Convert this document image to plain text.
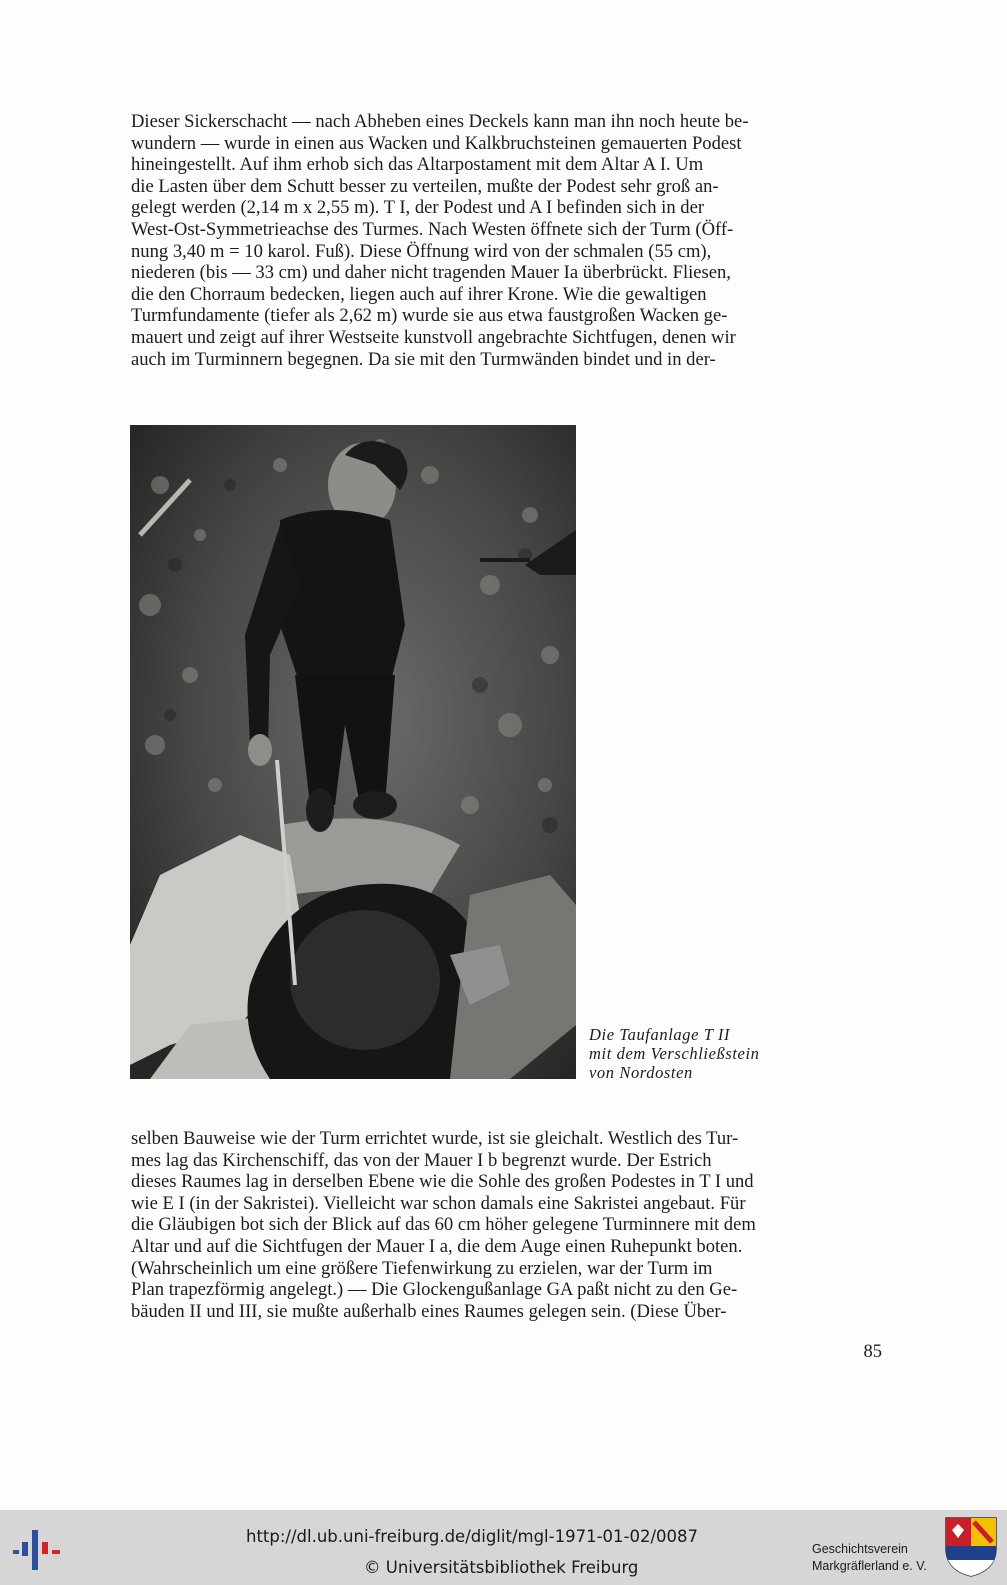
Dieser Sickerschacht — nach Abheben eines Deckels kann man ihn noch heute be-
wundern — wurde in einen aus Wacken und Kalkbruchsteinen gemauerten Podest
hineingestellt. Auf ihm erhob sich das Altarpostament mit dem Altar A I. Um
die Lasten über dem Schutt besser zu verteilen, mußte der Podest sehr groß an-
gelegt werden (2,14 m x 2,55 m). T I, der Podest und A I befinden sich in der
West-Ost-Symmetrieachse des Turmes. Nach Westen öffnete sich der Turm (Öff-
nung 3,40 m = 10 karol. Fuß). Diese Öffnung wird von der schmalen (55 cm),
niederen (bis — 33 cm) und daher nicht tragenden Mauer Ia überbrückt. Fliesen,
die den Chorraum bedecken, liegen auch auf ihrer Krone. Wie die gewaltigen
Turmfundamente (tiefer als 2,62 m) wurde sie aus etwa faustgroßen Wacken ge-
mauert und zeigt auf ihrer Westseite kunstvoll angebrachte Sichtfugen, denen wir
auch im Turminnern begegnen. Da sie mit den Turmwänden bindet und in der-
Die Taufanlage T II
mit dem Verschließstein
von Nordosten
selben Bauweise wie der Turm errichtet wurde, ist sie gleichalt. Westlich des Tur-
mes lag das Kirchenschiff, das von der Mauer I b begrenzt wurde. Der Estrich
dieses Raumes lag in derselben Ebene wie die Sohle des großen Podestes in T I und
wie E I (in der Sakristei). Vielleicht war schon damals eine Sakristei angebaut. Für
die Gläubigen bot sich der Blick auf das 60 cm höher gelegene Turminnere mit dem
Altar und auf die Sichtfugen der Mauer I a, die dem Auge einen Ruhepunkt boten.
(Wahrscheinlich um eine größere Tiefenwirkung zu erzielen, war der Turm im
Plan trapezförmig angelegt.) — Die Glockengußanlage GA paßt nicht zu den Ge-
bäuden II und III, sie mußte außerhalb eines Raumes gelegen sein. (Diese Über-
85
http://dl.ub.uni-freiburg.de/diglit/mgl-1971-01-02/0087
© Universitätsbibliothek Freiburg
Geschichtsverein
Markgräflerland e. V.
